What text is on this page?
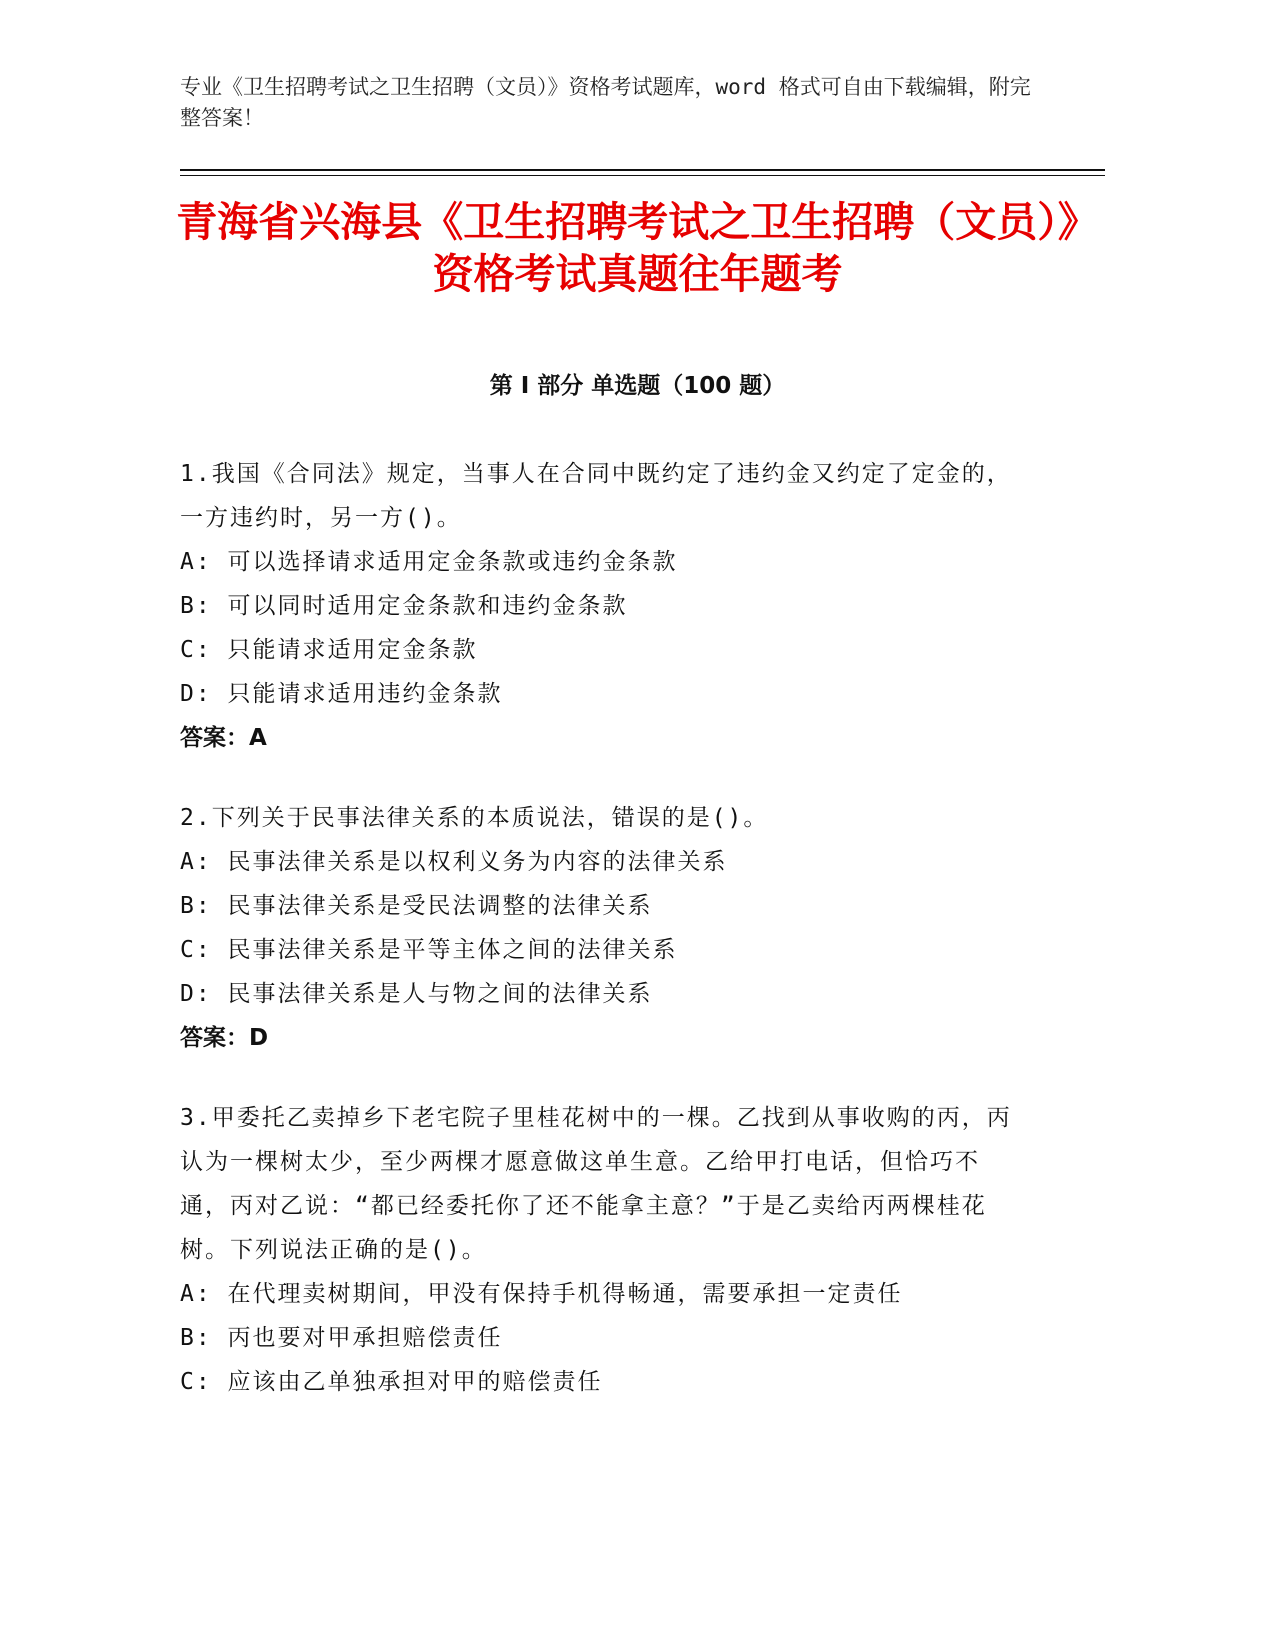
专业《卫生招聘考试之卫生招聘（文员）》资格考试题库，word 格式可自由下载编辑，附完整答案！
青海省兴海县《卫生招聘考试之卫生招聘（文员）》资格考试真题往年题考
第 I 部分 单选题（100 题）
1.我国《合同法》规定，当事人在合同中既约定了违约金又约定了定金的，一方违约时，另一方()。
A: 可以选择请求适用定金条款或违约金条款
B: 可以同时适用定金条款和违约金条款
C: 只能请求适用定金条款
D: 只能请求适用违约金条款
答案：A
2.下列关于民事法律关系的本质说法，错误的是()。
A: 民事法律关系是以权利义务为内容的法律关系
B: 民事法律关系是受民法调整的法律关系
C: 民事法律关系是平等主体之间的法律关系
D: 民事法律关系是人与物之间的法律关系
答案：D
3.甲委托乙卖掉乡下老宅院子里桂花树中的一棵。乙找到从事收购的丙，丙认为一棵树太少，至少两棵才愿意做这单生意。乙给甲打电话，但恰巧不通，丙对乙说：“都已经委托你了还不能拿主意？”于是乙卖给丙两棵桂花树。下列说法正确的是()。
A: 在代理卖树期间，甲没有保持手机得畅通，需要承担一定责任
B: 丙也要对甲承担赔偿责任
C: 应该由乙单独承担对甲的赔偿责任
